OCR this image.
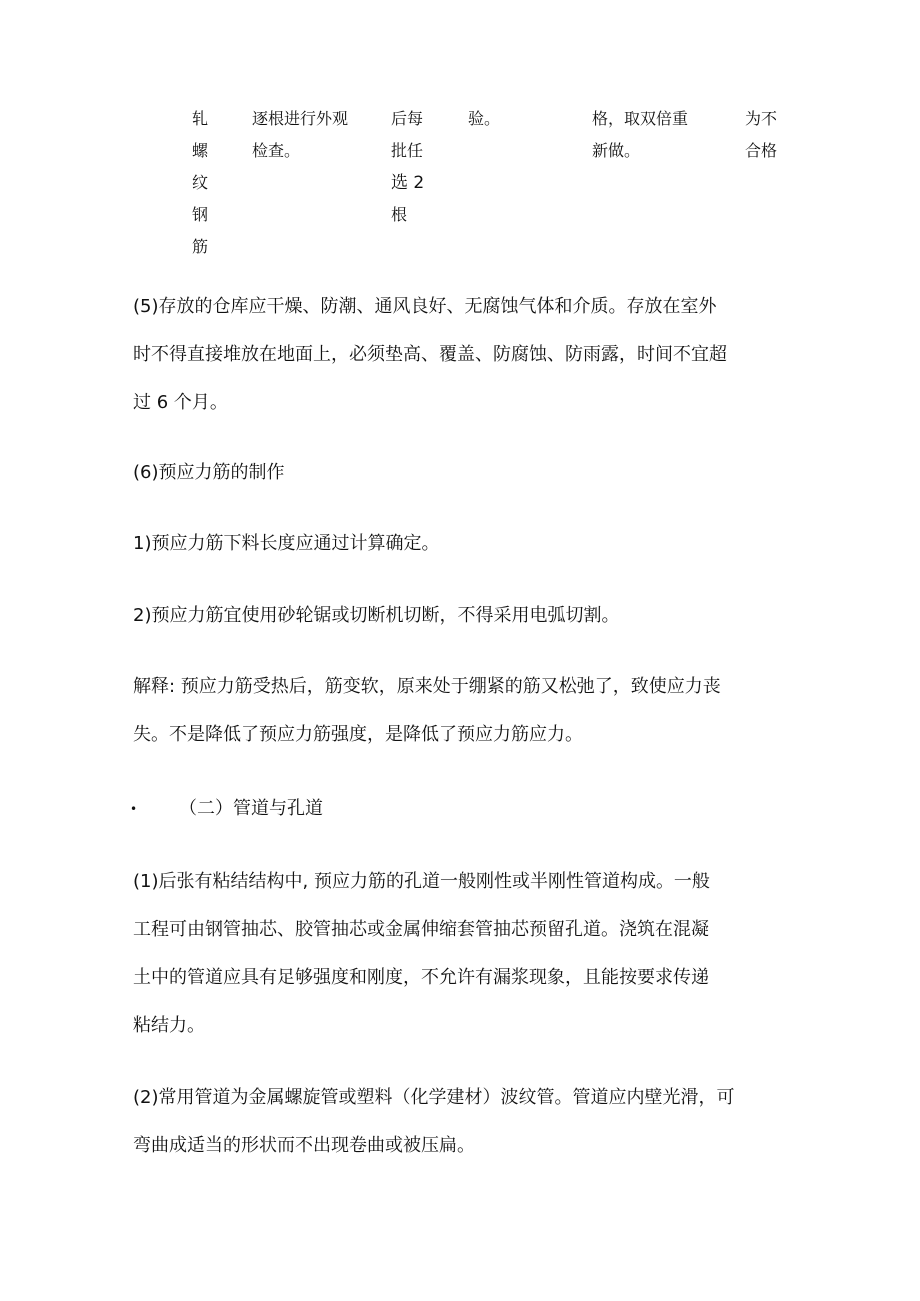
轧
螺
纹
钢
筋
逐根进行外观
检查。
后每
批任
选 2
根
验。	格，取双倍重
新做。
为不
合格
(5)存放的仓库应干燥、防潮、通风良好、无腐蚀气体和介质。存放在室外
时不得直接堆放在地面上，必须垫高、覆盖、防腐蚀、防雨露，时间不宜超
过 6 个月。
(6)预应力筋的制作
1)预应力筋下料长度应通过计算确定。
2)预应力筋宜使用砂轮锯或切断机切断，不得采用电弧切割。
解释: 预应力筋受热后，筋变软，原来处于绷紧的筋又松弛了，致使应力丧
失。不是降低了预应力筋强度，是降低了预应力筋应力。
• （二）管道与孔道
(1)后张有粘结结构中, 预应力筋的孔道一般刚性或半刚性管道构成。一般
工程可由钢管抽芯、胶管抽芯或金属伸缩套管抽芯预留孔道。浇筑在混凝
土中的管道应具有足够强度和刚度，不允许有漏浆现象，且能按要求传递
粘结力。
(2)常用管道为金属螺旋管或塑料（化学建材）波纹管。管道应内壁光滑，可
弯曲成适当的形状而不出现卷曲或被压扁。
